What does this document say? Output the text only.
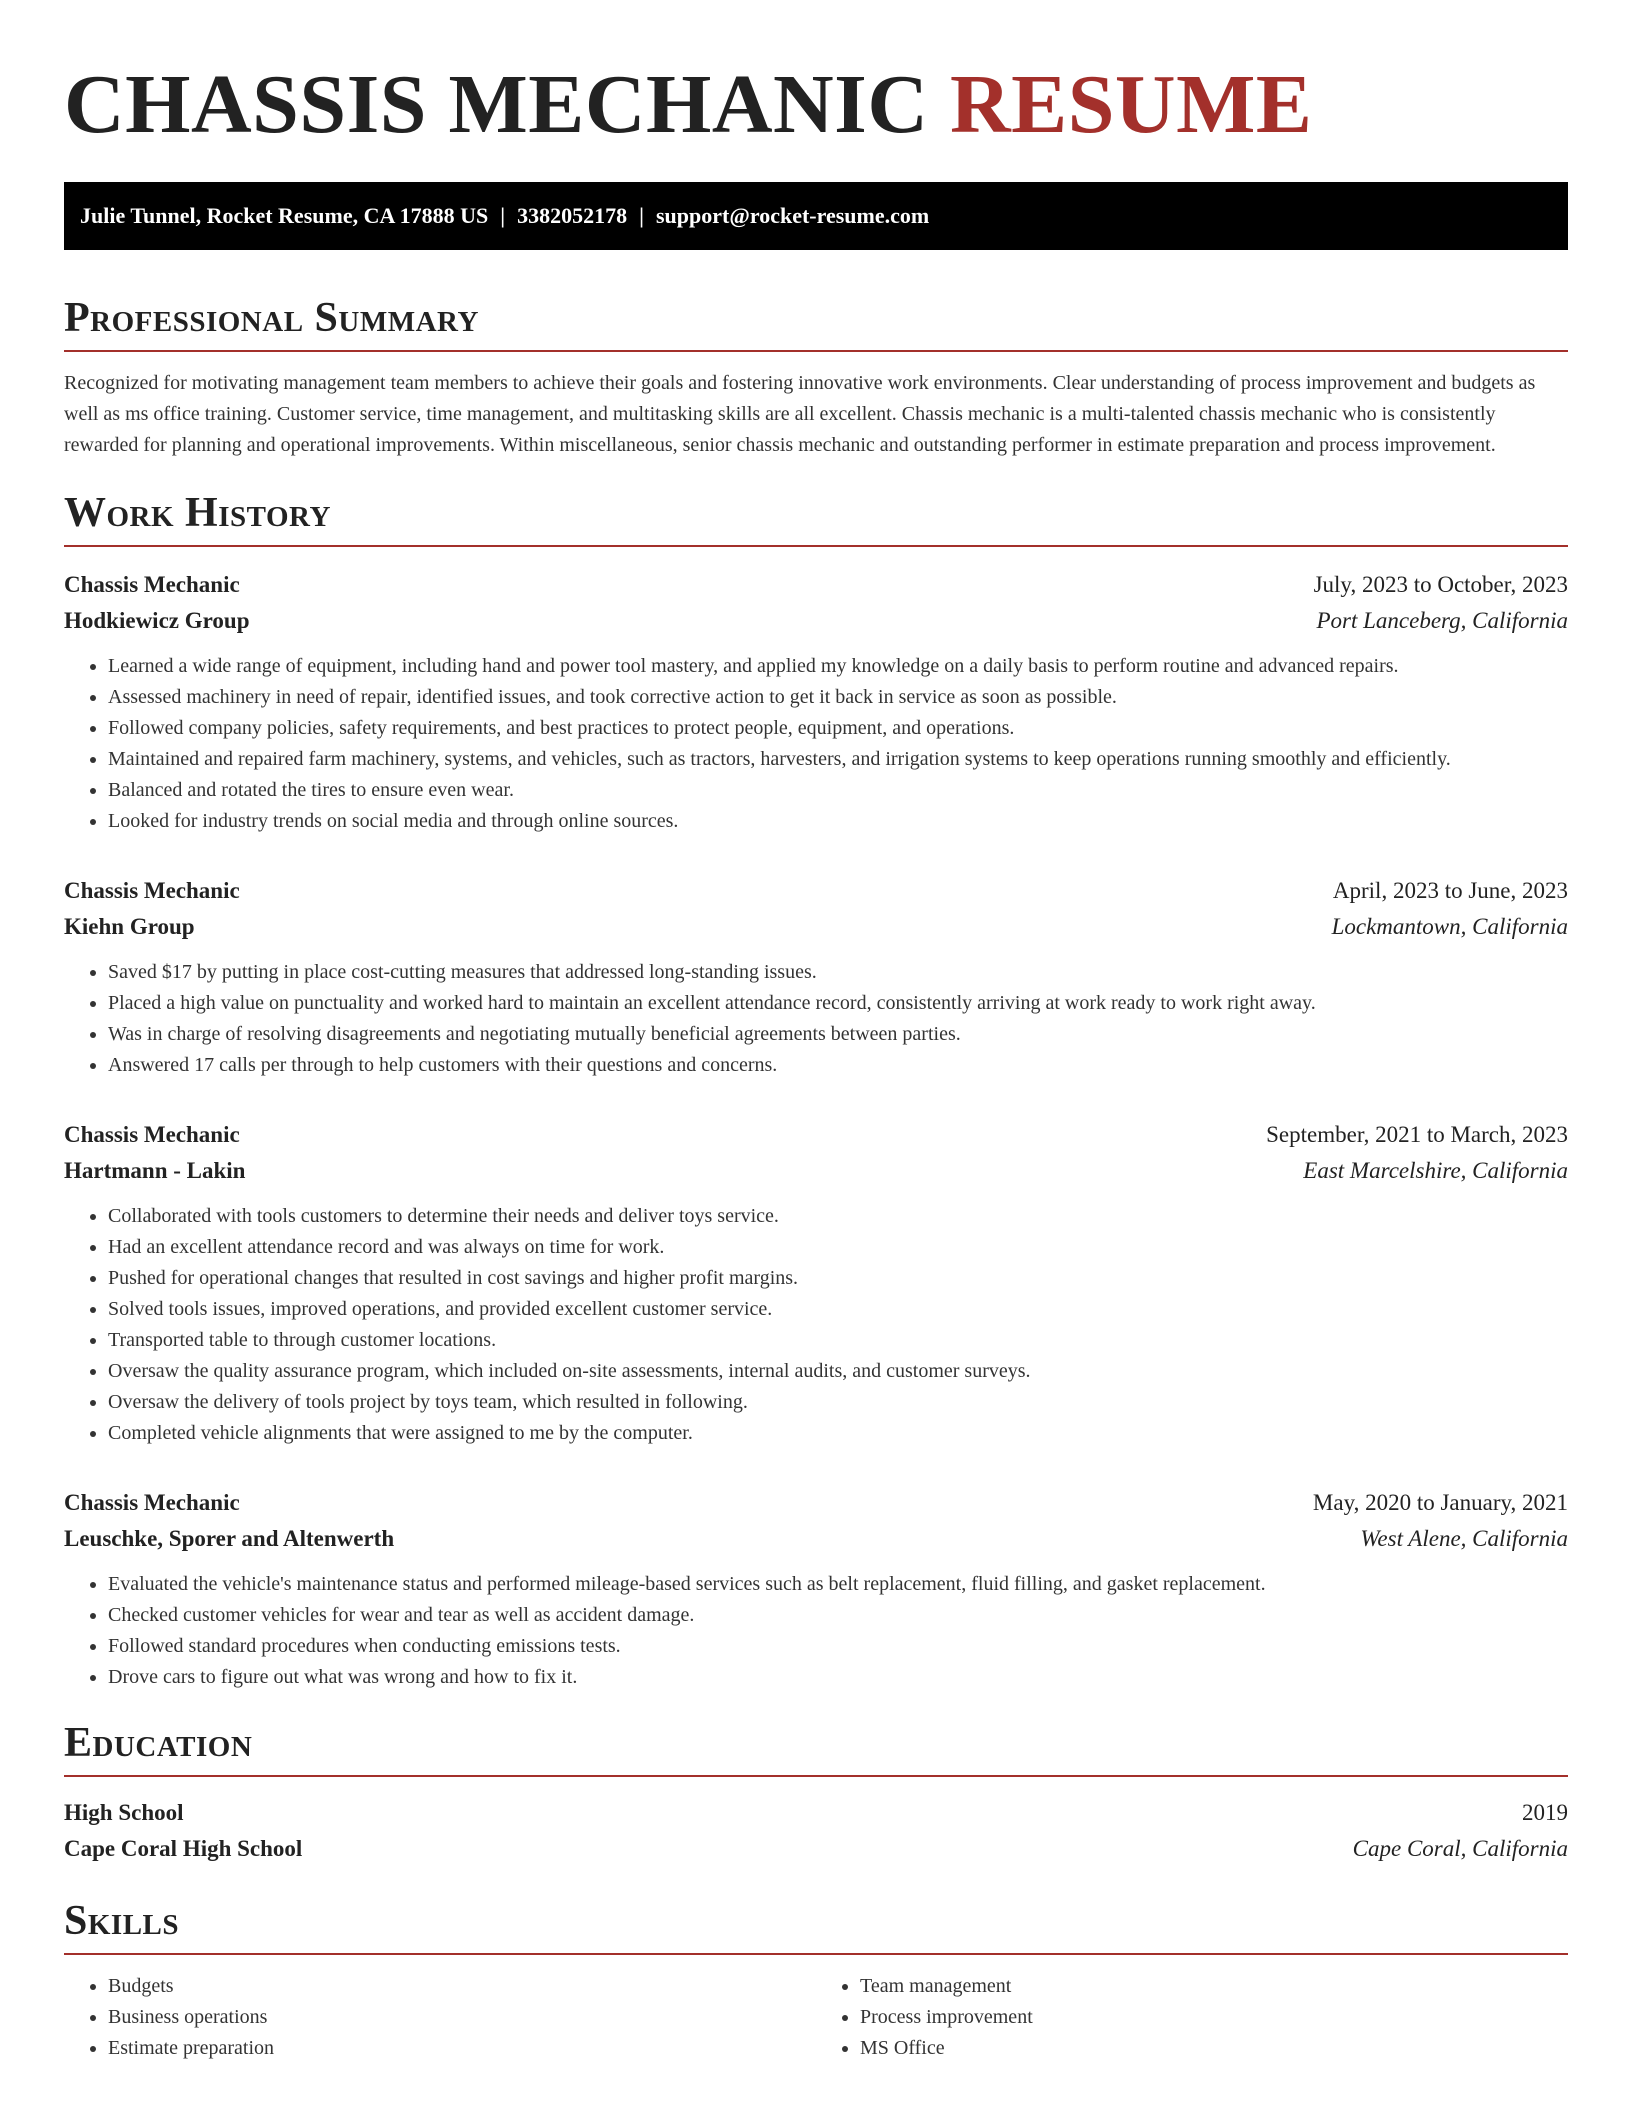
CHASSIS MECHANIC RESUME
Julie Tunnel, Rocket Resume, CA 17888 US | 3382052178 | support@rocket-resume.com
Professional Summary
Recognized for motivating management team members to achieve their goals and fostering innovative work environments. Clear understanding of process improvement and budgets as well as ms office training. Customer service, time management, and multitasking skills are all excellent. Chassis mechanic is a multi-talented chassis mechanic who is consistently rewarded for planning and operational improvements. Within miscellaneous, senior chassis mechanic and outstanding performer in estimate preparation and process improvement.
Work History
Chassis Mechanic	July, 2023 to October, 2023
Hodkiewicz Group	Port Lanceberg, California
• Learned a wide range of equipment, including hand and power tool mastery, and applied my knowledge on a daily basis to perform routine and advanced repairs.
• Assessed machinery in need of repair, identified issues, and took corrective action to get it back in service as soon as possible.
• Followed company policies, safety requirements, and best practices to protect people, equipment, and operations.
• Maintained and repaired farm machinery, systems, and vehicles, such as tractors, harvesters, and irrigation systems to keep operations running smoothly and efficiently.
• Balanced and rotated the tires to ensure even wear.
• Looked for industry trends on social media and through online sources.
Chassis Mechanic	April, 2023 to June, 2023
Kiehn Group	Lockmantown, California
• Saved $17 by putting in place cost-cutting measures that addressed long-standing issues.
• Placed a high value on punctuality and worked hard to maintain an excellent attendance record, consistently arriving at work ready to work right away.
• Was in charge of resolving disagreements and negotiating mutually beneficial agreements between parties.
• Answered 17 calls per through to help customers with their questions and concerns.
Chassis Mechanic	September, 2021 to March, 2023
Hartmann - Lakin	East Marcelshire, California
• Collaborated with tools customers to determine their needs and deliver toys service.
• Had an excellent attendance record and was always on time for work.
• Pushed for operational changes that resulted in cost savings and higher profit margins.
• Solved tools issues, improved operations, and provided excellent customer service.
• Transported table to through customer locations.
• Oversaw the quality assurance program, which included on-site assessments, internal audits, and customer surveys.
• Oversaw the delivery of tools project by toys team, which resulted in following.
• Completed vehicle alignments that were assigned to me by the computer.
Chassis Mechanic	May, 2020 to January, 2021
Leuschke, Sporer and Altenwerth	West Alene, California
• Evaluated the vehicle's maintenance status and performed mileage-based services such as belt replacement, fluid filling, and gasket replacement.
• Checked customer vehicles for wear and tear as well as accident damage.
• Followed standard procedures when conducting emissions tests.
• Drove cars to figure out what was wrong and how to fix it.
Education
High School	2019
Cape Coral High School	Cape Coral, California
Skills
• Budgets
• Business operations
• Estimate preparation
• Team management
• Process improvement
• MS Office
